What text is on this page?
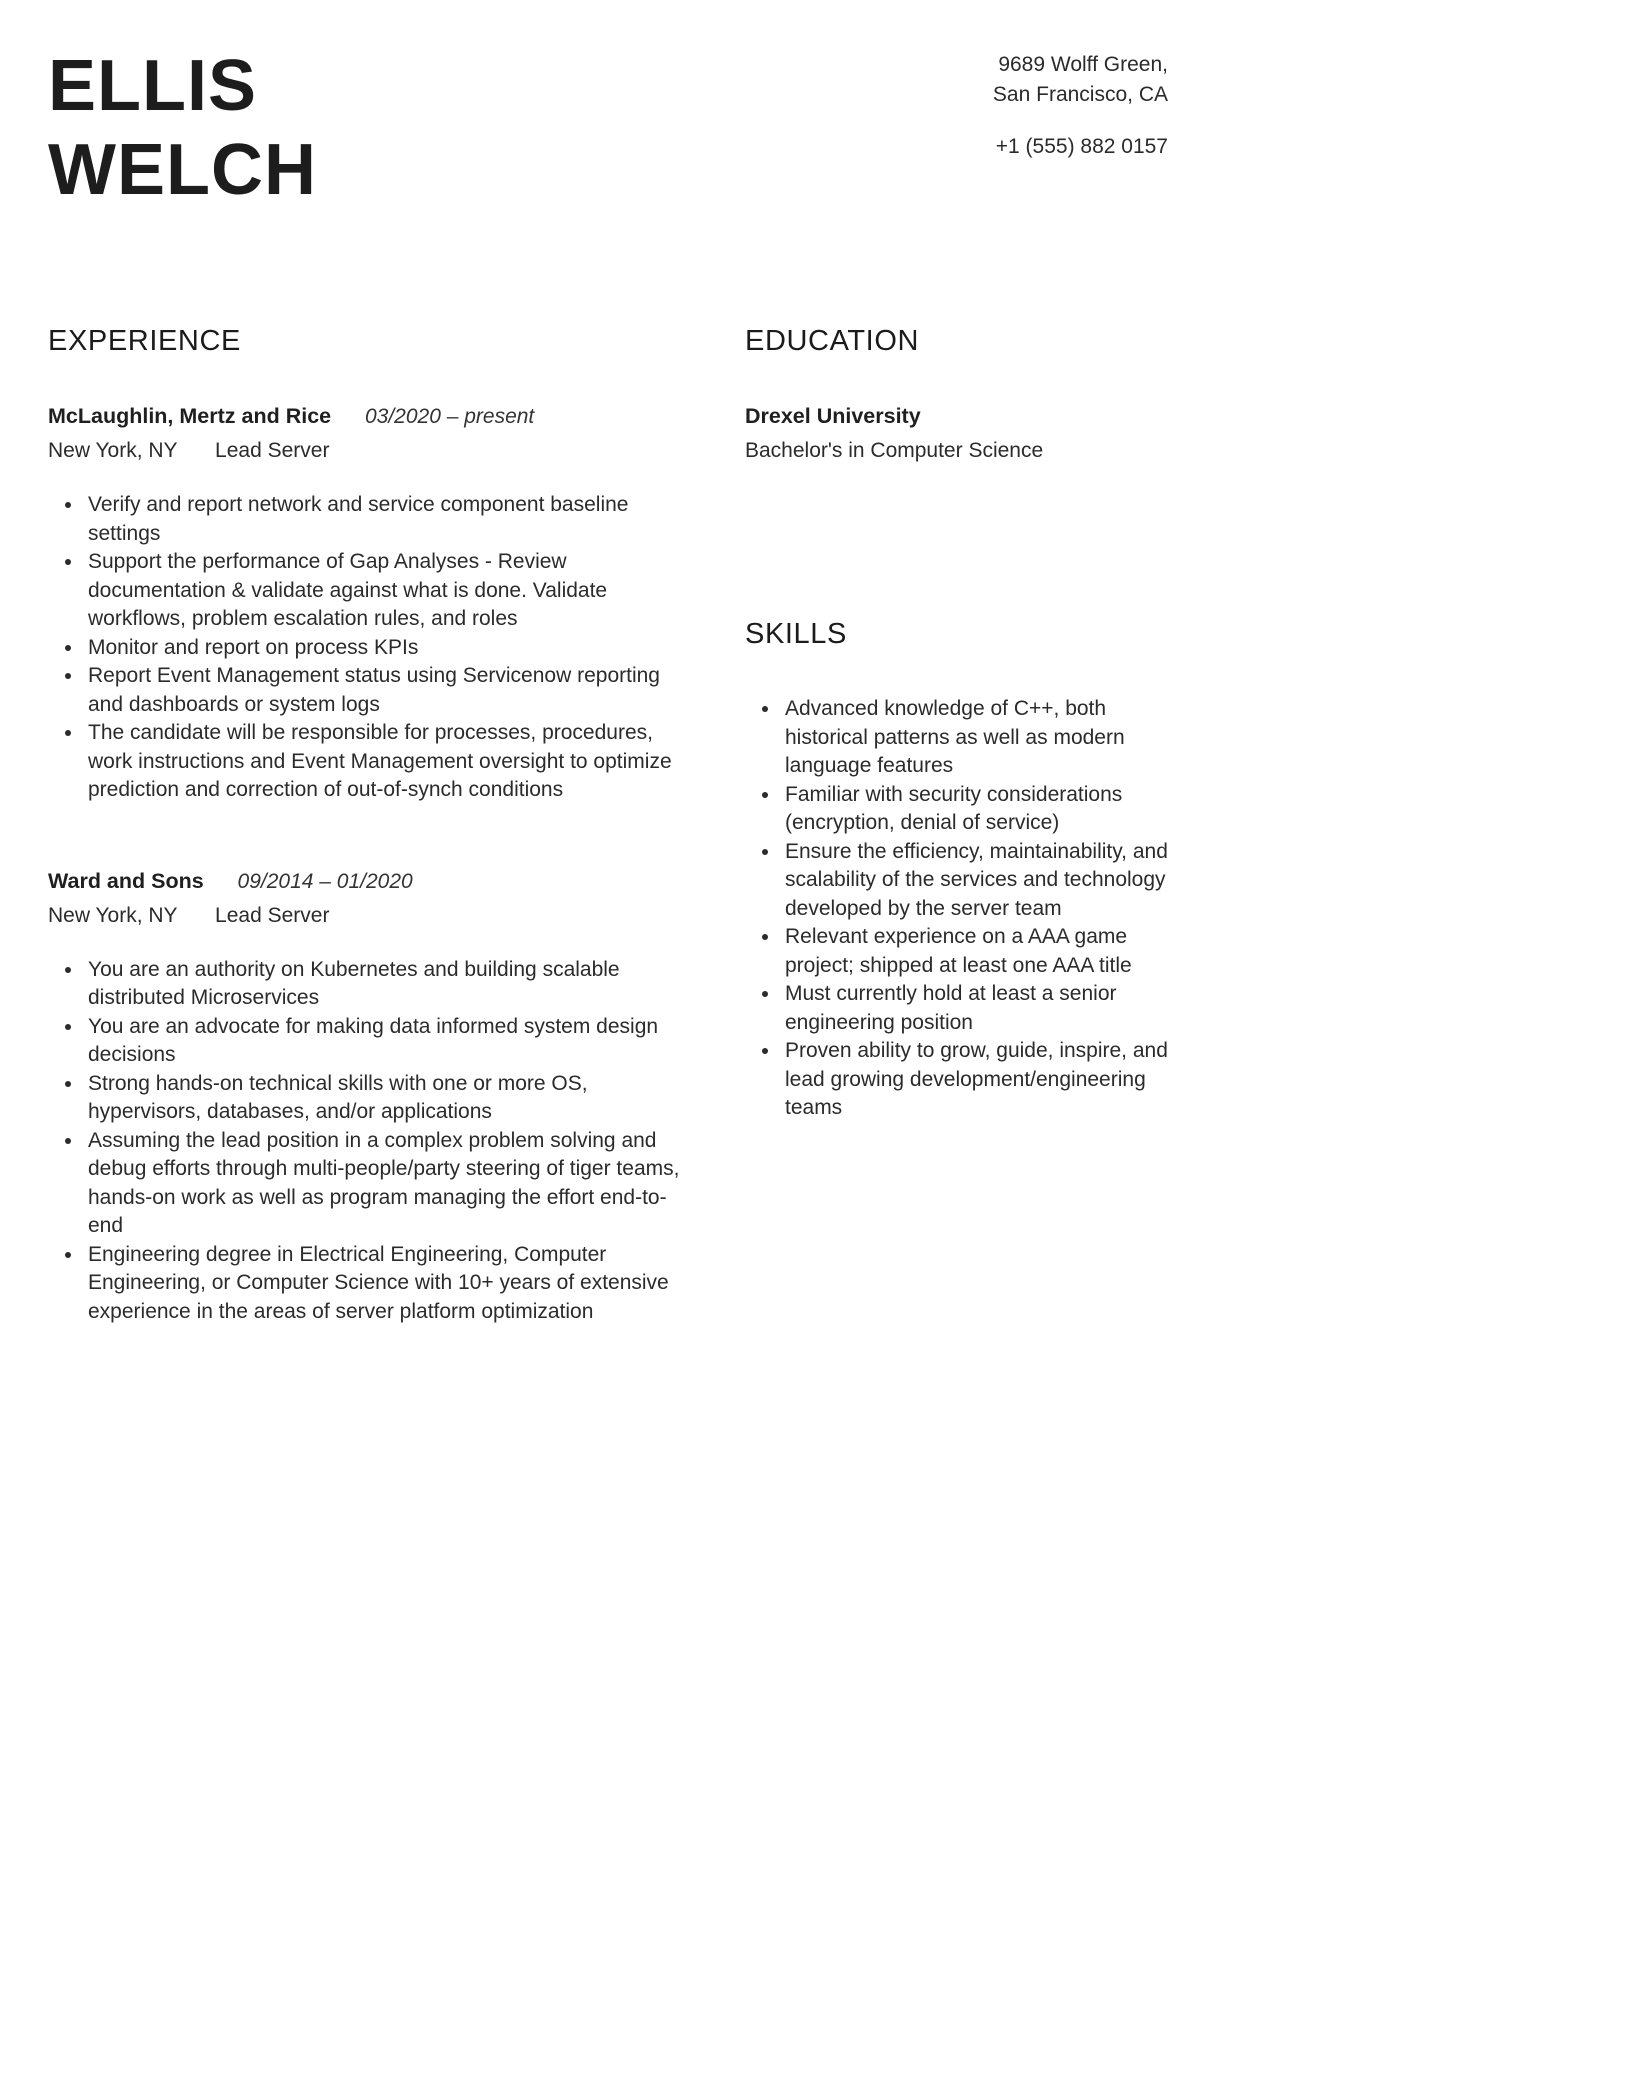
ELLIS
WELCH
9689 Wolff Green,
San Francisco, CA
+1 (555) 882 0157
EXPERIENCE
McLaughlin, Mertz and Rice 03/2020 – present
New York, NY Lead Server
• Verify and report network and service component baseline settings
• Support the performance of Gap Analyses - Review documentation & validate against what is done. Validate workflows, problem escalation rules, and roles
• Monitor and report on process KPIs
• Report Event Management status using Servicenow reporting and dashboards or system logs
• The candidate will be responsible for processes, procedures, work instructions and Event Management oversight to optimize prediction and correction of out-of-synch conditions
Ward and Sons 09/2014 – 01/2020
New York, NY Lead Server
• You are an authority on Kubernetes and building scalable distributed Microservices
• You are an advocate for making data informed system design decisions
• Strong hands-on technical skills with one or more OS, hypervisors, databases, and/or applications
• Assuming the lead position in a complex problem solving and debug efforts through multi-people/party steering of tiger teams, hands-on work as well as program managing the effort end-to-end
• Engineering degree in Electrical Engineering, Computer Engineering, or Computer Science with 10+ years of extensive experience in the areas of server platform optimization
EDUCATION
Drexel University
Bachelor's in Computer Science
SKILLS
• Advanced knowledge of C++, both historical patterns as well as modern language features
• Familiar with security considerations (encryption, denial of service)
• Ensure the efficiency, maintainability, and scalability of the services and technology developed by the server team
• Relevant experience on a AAA game project; shipped at least one AAA title
• Must currently hold at least a senior engineering position
• Proven ability to grow, guide, inspire, and lead growing development/engineering teams
